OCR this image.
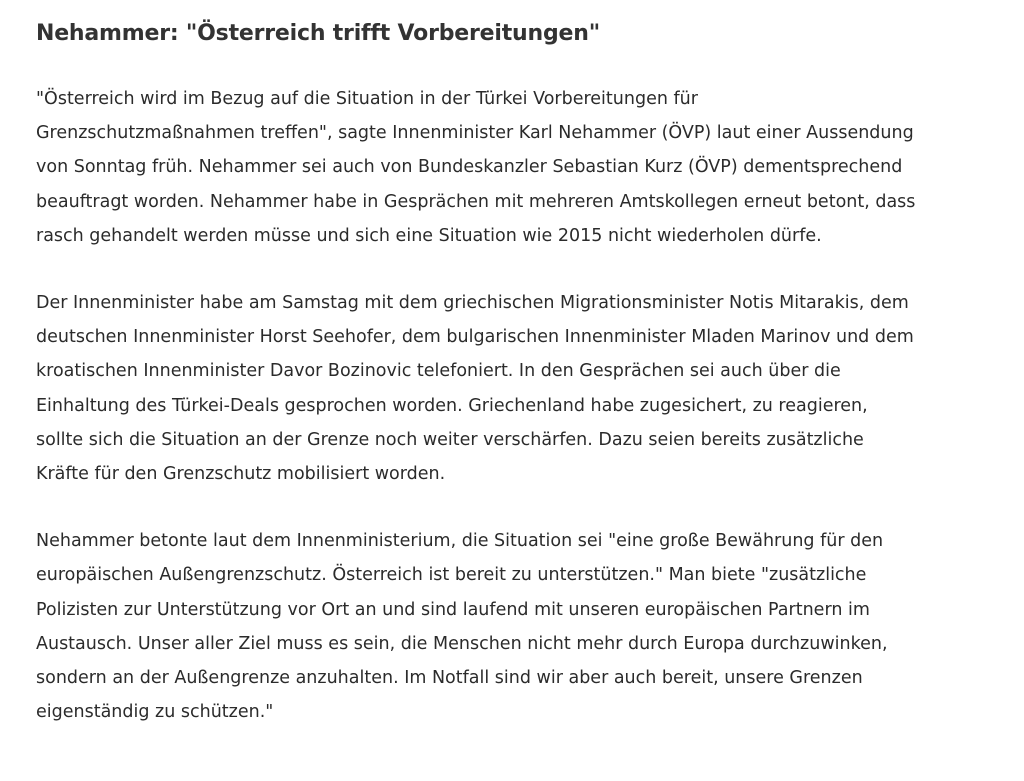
Nehammer: "Österreich trifft Vorbereitungen"

"Österreich wird im Bezug auf die Situation in der Türkei Vorbereitungen für
Grenzschutzmaßnahmen treffen", sagte Innenminister Karl Nehammer (ÖVP) laut einer Aussendung
von Sonntag früh. Nehammer sei auch von Bundeskanzler Sebastian Kurz (ÖVP) dementsprechend
beauftragt worden. Nehammer habe in Gesprächen mit mehreren Amtskollegen erneut betont, dass
rasch gehandelt werden müsse und sich eine Situation wie 2015 nicht wiederholen dürfe.

Der Innenminister habe am Samstag mit dem griechischen Migrationsminister Notis Mitarakis, dem
deutschen Innenminister Horst Seehofer, dem bulgarischen Innenminister Mladen Marinov und dem
kroatischen Innenminister Davor Bozinovic telefoniert. In den Gesprächen sei auch über die
Einhaltung des Türkei-Deals gesprochen worden. Griechenland habe zugesichert, zu reagieren,
sollte sich die Situation an der Grenze noch weiter verschärfen. Dazu seien bereits zusätzliche
Kräfte für den Grenzschutz mobilisiert worden.

Nehammer betonte laut dem Innenministerium, die Situation sei "eine große Bewährung für den
europäischen Außengrenzschutz. Österreich ist bereit zu unterstützen." Man biete "zusätzliche
Polizisten zur Unterstützung vor Ort an und sind laufend mit unseren europäischen Partnern im
Austausch. Unser aller Ziel muss es sein, die Menschen nicht mehr durch Europa durchzuwinken,
sondern an der Außengrenze anzuhalten. Im Notfall sind wir aber auch bereit, unsere Grenzen
eigenständig zu schützen."
